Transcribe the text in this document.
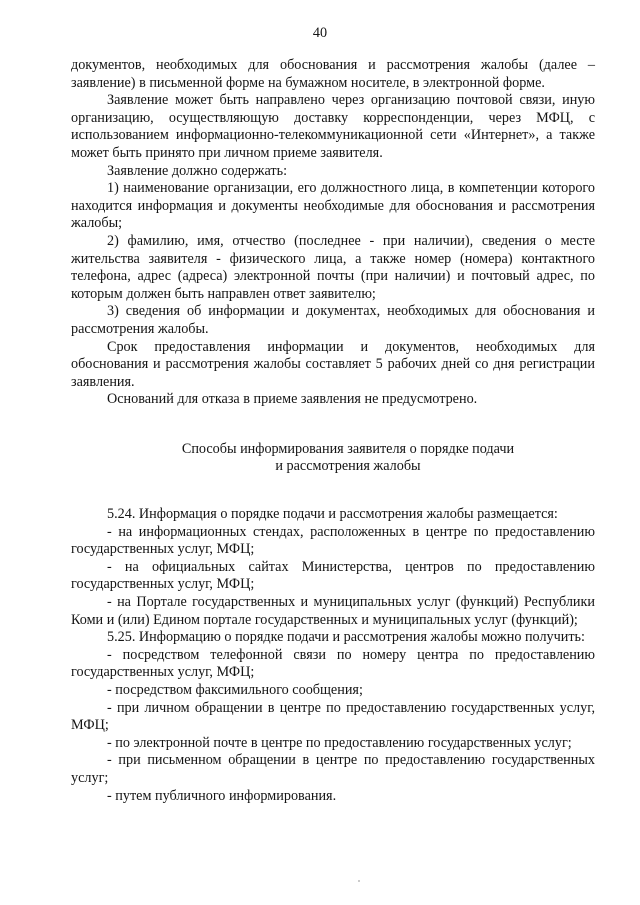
40

документов, необходимых для обоснования и рассмотрения жалобы (далее – заявление) в письменной форме на бумажном носителе, в электронной форме.

Заявление может быть направлено через организацию почтовой связи, иную организацию, осуществляющую доставку корреспонденции, через МФЦ, с использованием информационно-телекоммуникационной сети «Интернет», а также может быть принято при личном приеме заявителя.

Заявление должно содержать:

1) наименование организации, его должностного лица, в компетенции которого находится информация и документы необходимые для обоснования и рассмотрения жалобы;

2) фамилию, имя, отчество (последнее - при наличии), сведения о месте жительства заявителя - физического лица, а также номер (номера) контактного телефона, адрес (адреса) электронной почты (при наличии) и почтовый адрес, по которым должен быть направлен ответ заявителю;

3) сведения об информации и документах, необходимых для обоснования и рассмотрения жалобы.

Срок предоставления информации и документов, необходимых для обоснования и рассмотрения жалобы составляет 5 рабочих дней со дня регистрации заявления.

Оснований для отказа в приеме заявления не предусмотрено.

Способы информирования заявителя о порядке подачи
и рассмотрения жалобы

5.24. Информация о порядке подачи и рассмотрения жалобы размещается:

- на информационных стендах, расположенных в центре по предоставлению государственных услуг, МФЦ;

- на официальных сайтах Министерства, центров по предоставлению государственных услуг, МФЦ;

- на Портале государственных и муниципальных услуг (функций) Республики Коми и (или) Едином портале государственных и муниципальных услуг (функций);

5.25. Информацию о порядке подачи и рассмотрения жалобы можно получить:

- посредством телефонной связи по номеру центра по предоставлению государственных услуг, МФЦ;

- посредством факсимильного сообщения;

- при личном обращении в центре по предоставлению государственных услуг, МФЦ;

- по электронной почте в центре по предоставлению государственных услуг;

- при письменном обращении в центре по предоставлению государственных услуг;

- путем публичного информирования.
